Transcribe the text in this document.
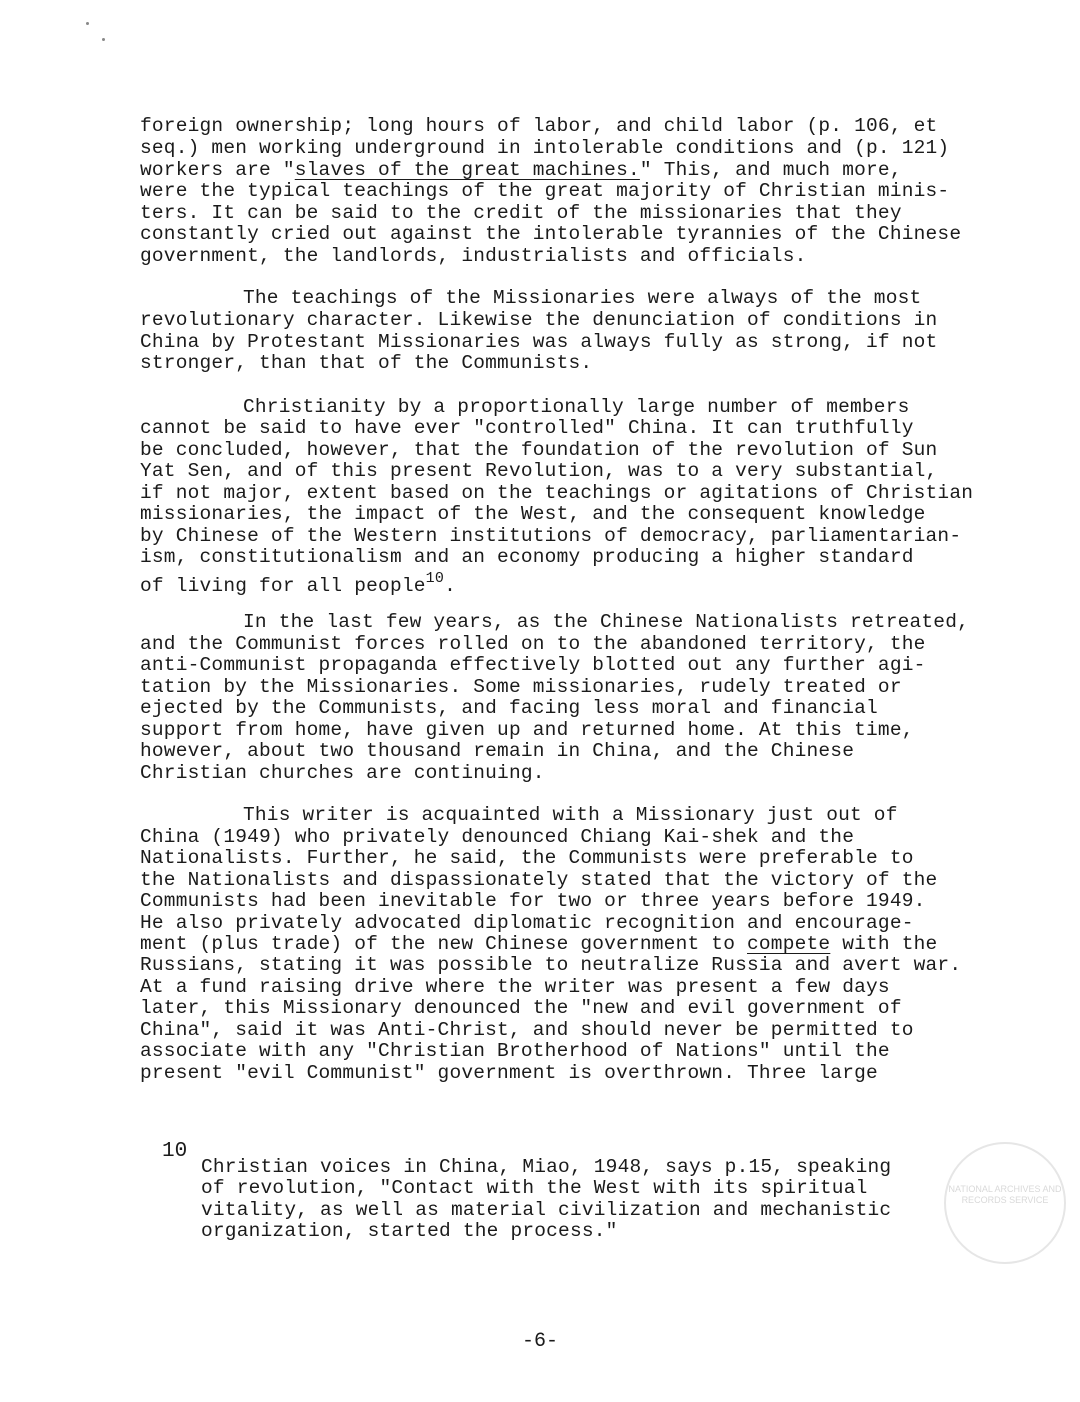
foreign ownership; long hours of labor, and child labor (p. 106, et

seq.) men working underground in intolerable conditions and (p. 121)

workers are "slaves of the great machines." This, and much more,

were the typical teachings of the great majority of Christian minis-

ters. It can be said to the credit of the missionaries that they

constantly cried out against the intolerable tyrannies of the Chinese

government, the landlords, industrialists and officials.

The teachings of the Missionaries were always of the most

revolutionary character. Likewise the denunciation of conditions in

China by Protestant Missionaries was always fully as strong, if not

stronger, than that of the Communists.

Christianity by a proportionally large number of members

cannot be said to have ever "controlled" China. It can truthfully

be concluded, however, that the foundation of the revolution of Sun

Yat Sen, and of this present Revolution, was to a very substantial,

if not major, extent based on the teachings or agitations of Christian

missionaries, the impact of the West, and the consequent knowledge

by Chinese of the Western institutions of democracy, parliamentarian-

ism, constitutionalism and an economy producing a higher standard

of living for all people$^{10}$.

In the last few years, as the Chinese Nationalists retreated,

and the Communist forces rolled on to the abandoned territory, the

anti-Communist propaganda effectively blotted out any further agi-

tation by the Missionaries. Some missionaries, rudely treated or

ejected by the Communists, and facing less moral and financial

support from home, have given up and returned home. At this time,

however, about two thousand remain in China, and the Chinese

Christian churches are continuing.

This writer is acquainted with a Missionary just out of

China (1949) who privately denounced Chiang Kai-shek and the

Nationalists. Further, he said, the Communists were preferable to

the Nationalists and dispassionately stated that the victory of the

Communists had been inevitable for two or three years before 1949.

He also privately advocated diplomatic recognition and encourage-

ment (plus trade) of the new Chinese government to compete with the

Russians, stating it was possible to neutralize Russia and avert war.

At a fund raising drive where the writer was present a few days

later, this Missionary denounced the "new and evil government of

China", said it was Anti-Christ, and should never be permitted to

associate with any "Christian Brotherhood of Nations" until the

present "evil Communist" government is overthrown. Three large

10

Christian voices in China, Miao, 1948, says p.15, speaking

of revolution, "Contact with the West with its spiritual

vitality, as well as material civilization and mechanistic

organization, started the process."

NATIONAL ARCHIVES AND RECORDS SERVICE
-6-
